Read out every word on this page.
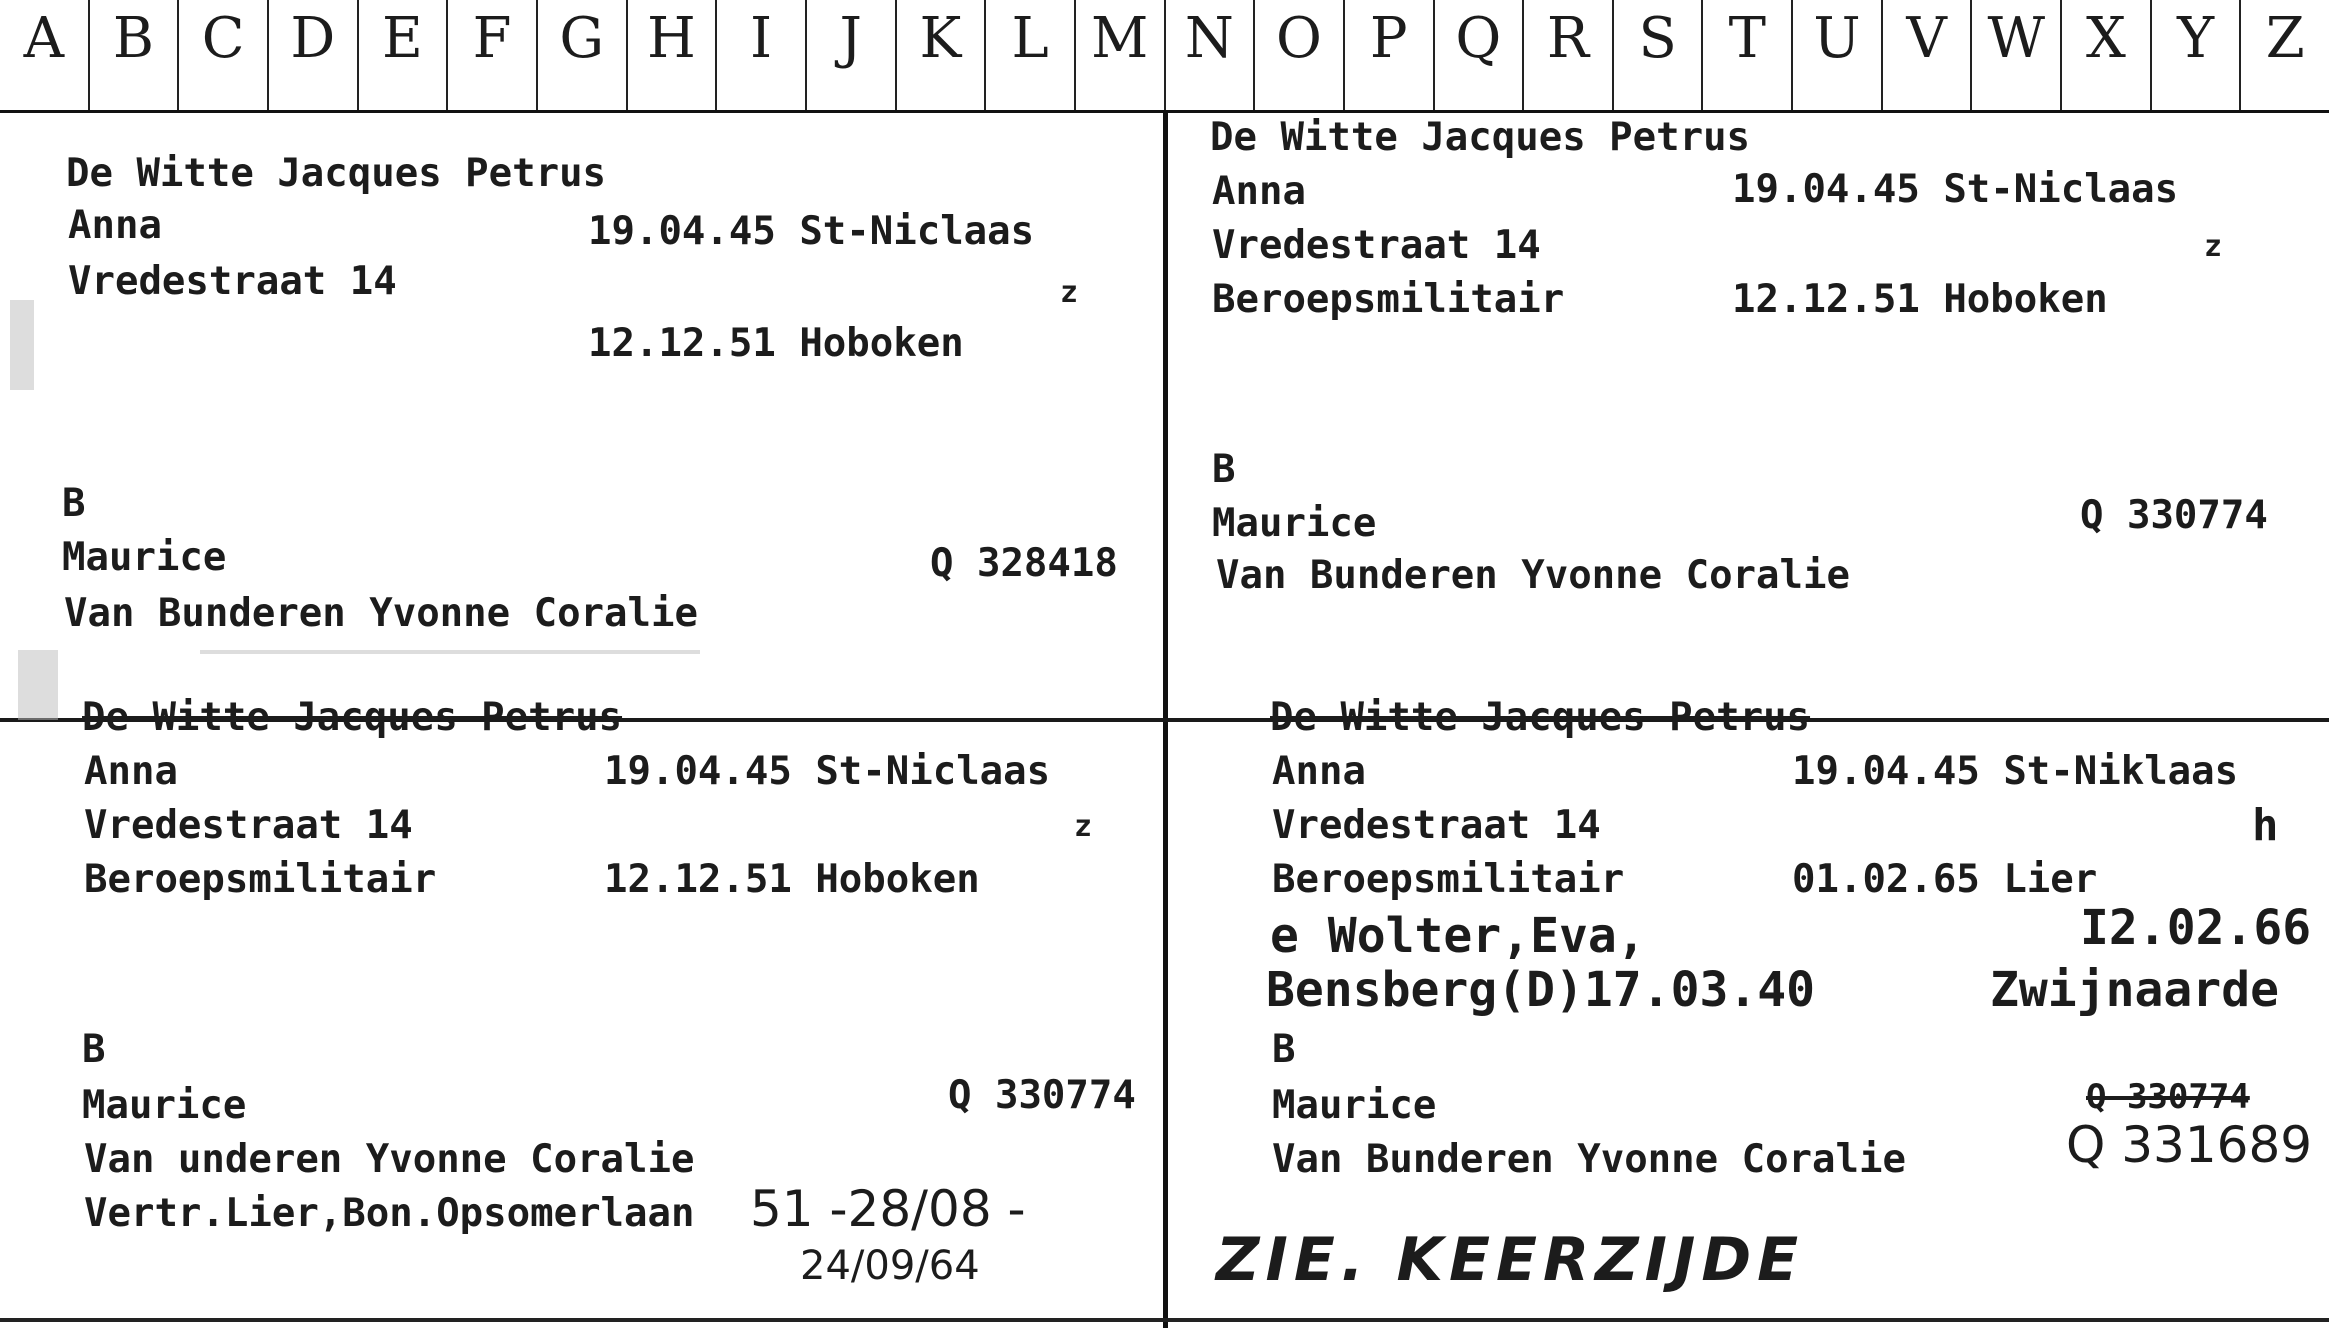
A B C D E F G H I	J	K L M N O P Q R S T U V W X Y Z
De Witte Jacques Petrus
Anna	19.04.45 St-Niclaas
Vredestraat 14	z
12.12.51 Hoboken
B
Maurice	Q 328418
Van Bunderen Yvonne Coralie
De Witte Jacques Petrus
Anna	19.04.45 St-Niclaas
Vredestraat 14	z
Beroepsmilitair	12.12.51 Hoboken
B
Maurice	Q 330774
Van Bunderen Yvonne Coralie
De Witte Jacques Petrus
Anna	19.04.45 St-Niclaas
Vredestraat 14	z
Beroepsmilitair	12.12.51 Hoboken
B
Maurice	Q 330774
Van underen Yvonne Coralie
Vertr.Lier,Bon.Opsomerlaan 51 -28/08 -
24/09/64
De Witte Jacques Petrus
Anna	19.04.45 St-Niklaas
Vredestraat 14	h
Beroepsmilitair	01.02.65 Lier
e Wolter,Eva,	I2.02.66
Bensberg(D)17.03.40	Zwijnaarde
B
Maurice	Q 330774
Q 331689
Van Bunderen Yvonne Coralie
ZIE. KEERZIJDE
